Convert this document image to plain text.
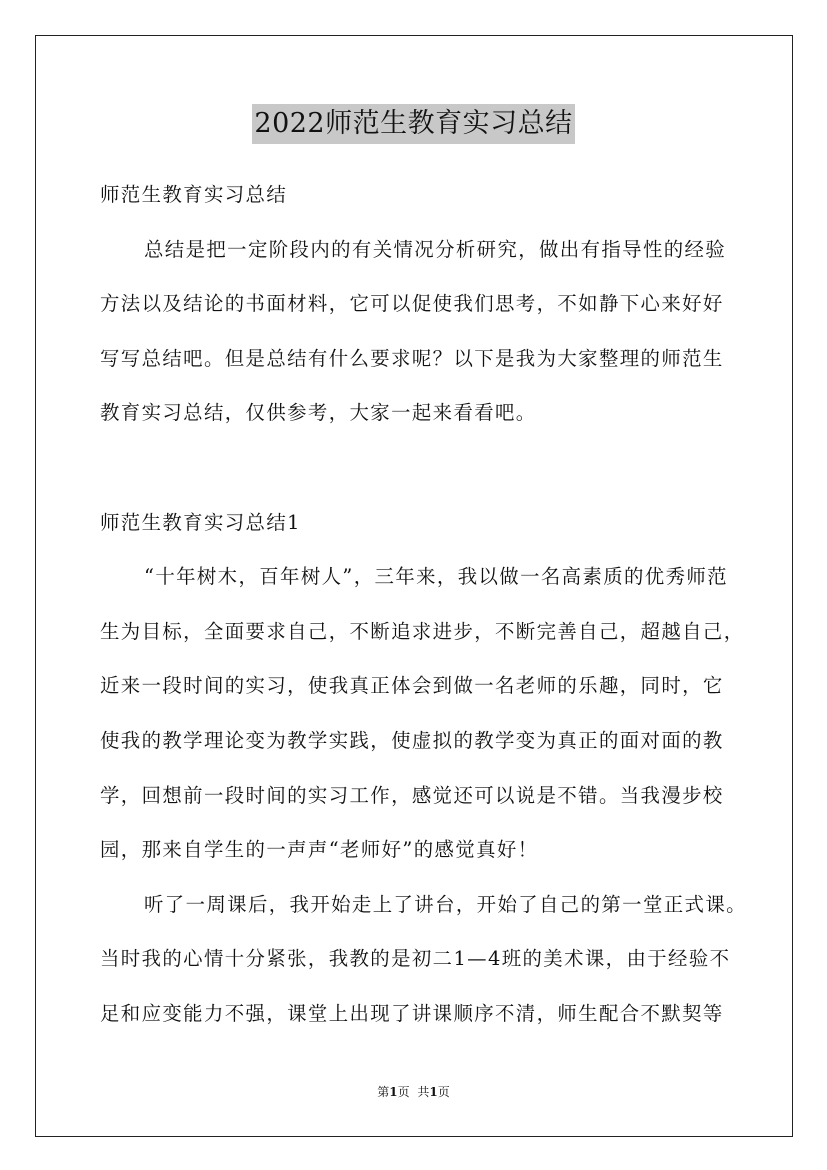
2022师范生教育实习总结
师范生教育实习总结
总结是把一定阶段内的有关情况分析研究，做出有指导性的经验
方法以及结论的书面材料，它可以促使我们思考，不如静下心来好好
写写总结吧。但是总结有什么要求呢？以下是我为大家整理的师范生
教育实习总结，仅供参考，大家一起来看看吧。
师范生教育实习总结1
“十年树木，百年树人”，三年来，我以做一名高素质的优秀师范
生为目标，全面要求自己，不断追求进步，不断完善自己，超越自己，
近来一段时间的实习，使我真正体会到做一名老师的乐趣，同时，它
使我的教学理论变为教学实践，使虚拟的教学变为真正的面对面的教
学，回想前一段时间的实习工作，感觉还可以说是不错。当我漫步校
园，那来自学生的一声声“老师好”的感觉真好！
听了一周课后，我开始走上了讲台，开始了自己的第一堂正式课。
当时我的心情十分紧张，我教的是初二1—4班的美术课，由于经验不
足和应变能力不强，课堂上出现了讲课顺序不清，师生配合不默契等
第1页 共1页
